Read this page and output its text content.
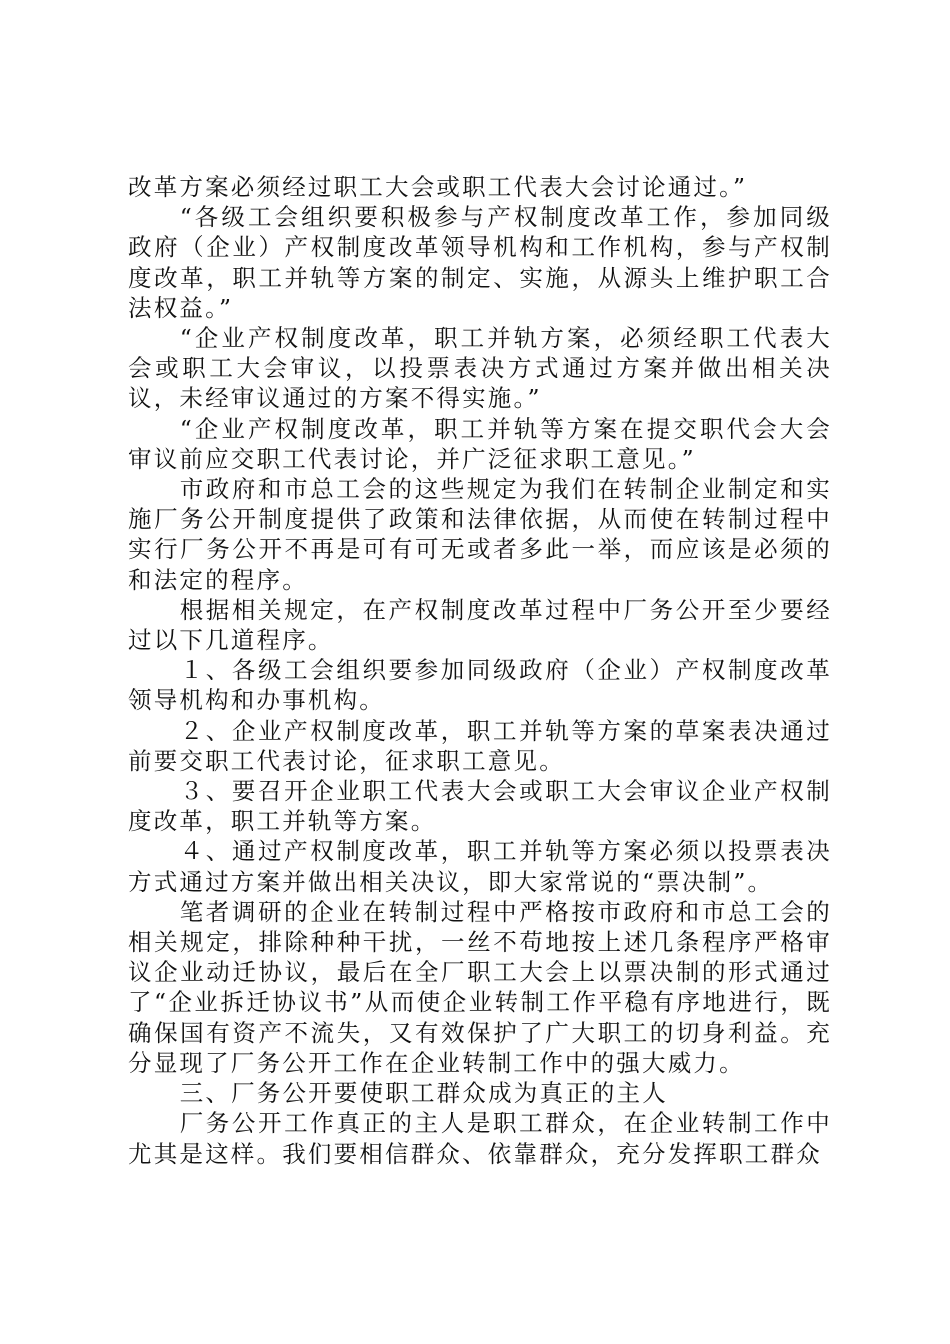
改革方案必须经过职工大会或职工代表大会讨论通过。”

“各级工会组织要积极参与产权制度改革工作，参加同级政府（企业）产权制度改革领导机构和工作机构，参与产权制度改革，职工并轨等方案的制定、实施，从源头上维护职工合法权益。”

“企业产权制度改革，职工并轨方案，必须经职工代表大会或职工大会审议，以投票表决方式通过方案并做出相关决议，未经审议通过的方案不得实施。”

“企业产权制度改革，职工并轨等方案在提交职代会大会审议前应交职工代表讨论，并广泛征求职工意见。”

市政府和市总工会的这些规定为我们在转制企业制定和实施厂务公开制度提供了政策和法律依据，从而使在转制过程中实行厂务公开不再是可有可无或者多此一举，而应该是必须的和法定的程序。

根据相关规定，在产权制度改革过程中厂务公开至少要经过以下几道程序。

１、各级工会组织要参加同级政府（企业）产权制度改革领导机构和办事机构。

２、企业产权制度改革，职工并轨等方案的草案表决通过前要交职工代表讨论，征求职工意见。

３、要召开企业职工代表大会或职工大会审议企业产权制度改革，职工并轨等方案。

４、通过产权制度改革，职工并轨等方案必须以投票表决方式通过方案并做出相关决议，即大家常说的“票决制”。

笔者调研的企业在转制过程中严格按市政府和市总工会的相关规定，排除种种干扰，一丝不苟地按上述几条程序严格审议企业动迁协议，最后在全厂职工大会上以票决制的形式通过了“企业拆迁协议书”从而使企业转制工作平稳有序地进行，既确保国有资产不流失，又有效保护了广大职工的切身利益。充分显现了厂务公开工作在企业转制工作中的强大威力。

三、厂务公开要使职工群众成为真正的主人

厂务公开工作真正的主人是职工群众，在企业转制工作中尤其是这样。我们要相信群众、依靠群众，充分发挥职工群众
